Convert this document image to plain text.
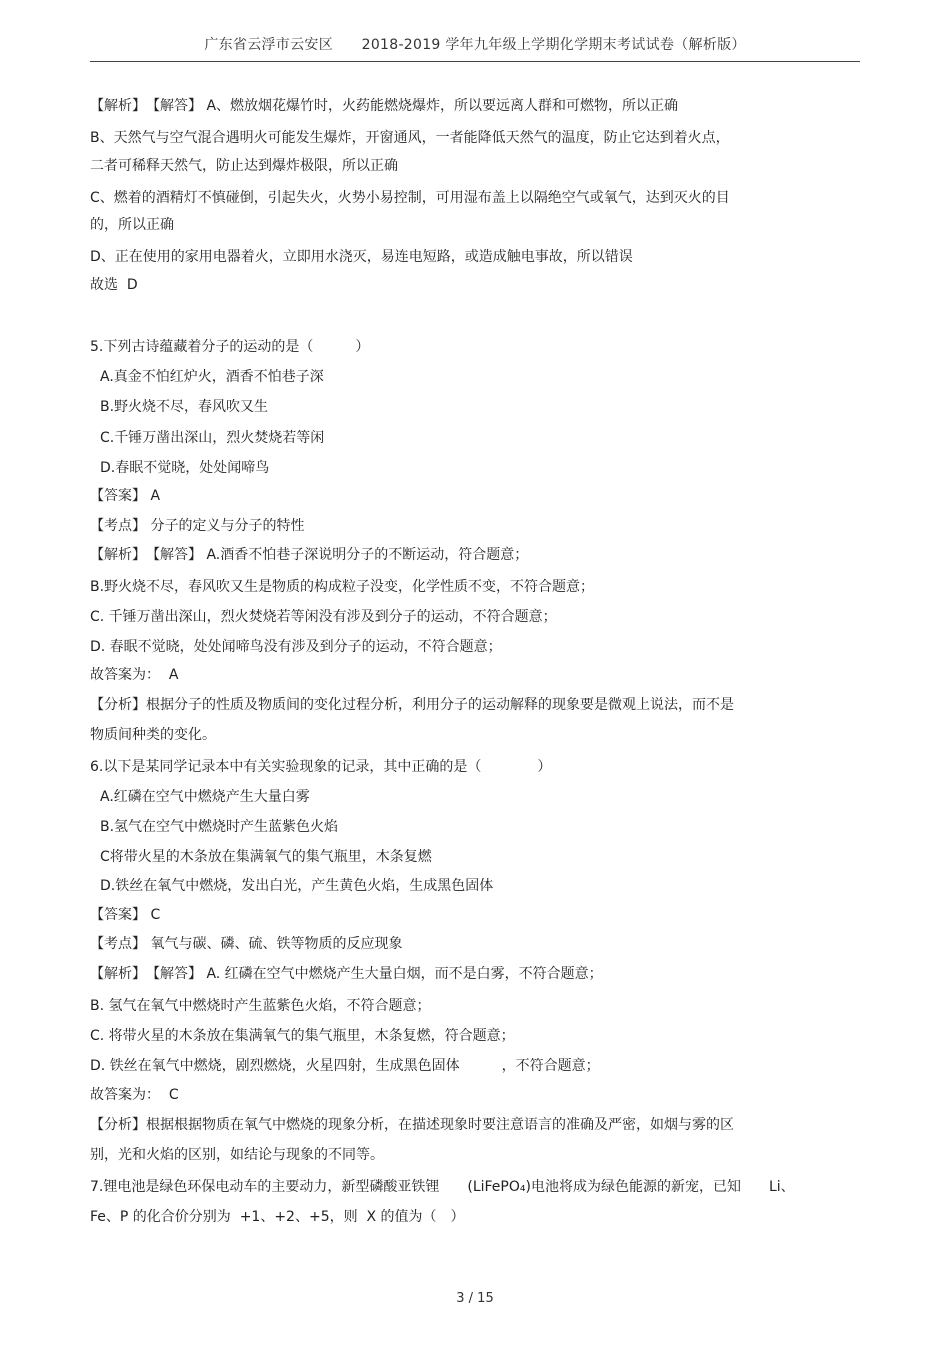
广东省云浮市云安区　　2018-2019 学年九年级上学期化学期末考试试卷（解析版）
【解析】　【解答】 A、燃放烟花爆竹时，火药能燃烧爆炸，所以要远离人群和可燃物，所以正确
B、天然气与空气混合遇明火可能发生爆炸，开窗通风，一者能降低天然气的温度，防止它达到着火点，
二者可稀释天然气，防止达到爆炸极限，所以正确
C、燃着的酒精灯不慎碰倒，引起失火，火势小易控制，可用湿布盖上以隔绝空气或氧气，达到灭火的目
的，所以正确
D、正在使用的家用电器着火，立即用水浇灭，易连电短路，或造成触电事故，所以错误
故选  D
5.下列古诗蕴藏着分子的运动的是（　　　）
A.真金不怕红炉火，酒香不怕巷子深
B.野火烧不尽，春风吹又生
C.千锤万凿出深山，烈火焚烧若等闲
D.春眠不觉晓，处处闻啼鸟
【答案】 A
【考点】 分子的定义与分子的特性
【解析】　【解答】 A.酒香不怕巷子深说明分子的不断运动，符合题意；
B.野火烧不尽，春风吹又生是物质的构成粒子没变，化学性质不变，不符合题意；
C. 千锤万凿出深山，烈火焚烧若等闲没有涉及到分子的运动，不符合题意；
D. 春眠不觉晓，处处闻啼鸟没有涉及到分子的运动，不符合题意；
故答案为：  A
【分析】根据分子的性质及物质间的变化过程分析，利用分子的运动解释的现象要是微观上说法，而不是
物质间种类的变化。
6.以下是某同学记录本中有关实验现象的记录，其中正确的是（　　　　）
A.红磷在空气中燃烧产生大量白雾
B.氢气在空气中燃烧时产生蓝紫色火焰
C将带火星的木条放在集满氧气的集气瓶里，木条复燃
D.铁丝在氧气中燃烧，发出白光，产生黄色火焰，生成黑色固体
【答案】 C
【考点】 氧气与碳、磷、硫、铁等物质的反应现象
【解析】　【解答】 A. 红磷在空气中燃烧产生大量白烟，而不是白雾，不符合题意；
B. 氢气在氧气中燃烧时产生蓝紫色火焰，不符合题意；
C. 将带火星的木条放在集满氧气的集气瓶里，木条复燃，符合题意；
D. 铁丝在氧气中燃烧，剧烈燃烧，火星四射，生成黑色固体　　　，不符合题意；
故答案为：  C
【分析】根据根据物质在氧气中燃烧的现象分析，在描述现象时要注意语言的准确及严密，如烟与雾的区
别，光和火焰的区别，如结论与现象的不同等。
7.锂电池是绿色环保电动车的主要动力，新型磷酸亚铁锂　　(LiFePO₄)电池将成为绿色能源的新宠，已知　　Li、
Fe、P 的化合价分别为  +1、+2、+5，则  X 的值为（　）
3 / 15
